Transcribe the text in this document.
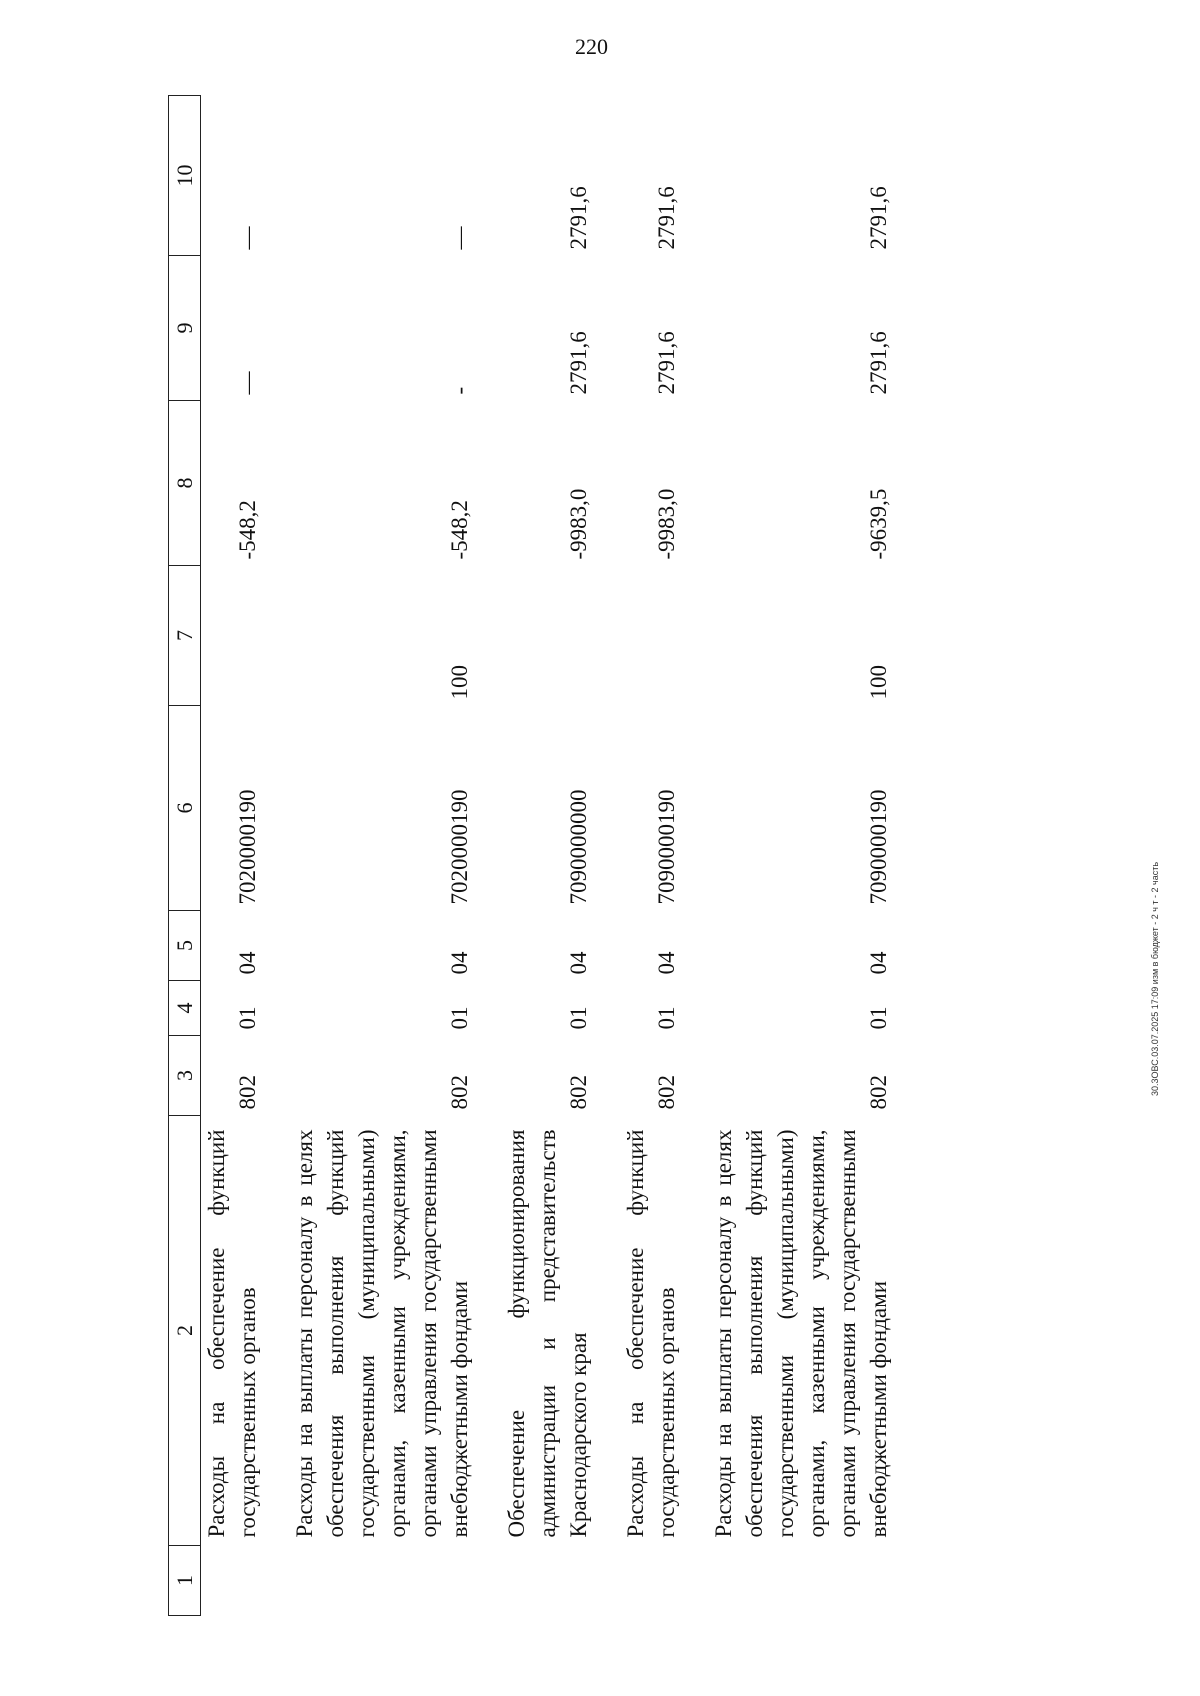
220
1	2	3	4	5	6	7	8	9	10
	Расходы на обеспечение функций государственных органов	802	01	04	7020000190		-548,2	—	—

	Расходы на выплаты персоналу в целях обеспечения выполнения функций государственными (муниципальными) органами, казенными учреждениями, органами управления государственными внебюджетными фондами	802	01	04	7020000190	100	-548,2	-	—

	Обеспечение функционирования администрации и представительств Краснодарского края	802	01	04	7090000000		-9983,0	2791,6	2791,6

	Расходы на обеспечение функций государственных органов	802	01	04	7090000190		-9983,0	2791,6	2791,6

	Расходы на выплаты персоналу в целях обеспечения выполнения функций государственными (муниципальными) органами, казенными учреждениями, органами управления государственными внебюджетными фондами	802	01	04	7090000190	100	-9639,5	2791,6	2791,6
30.3ОВС.03.07.2025 17:09 изм в бюджет - 2 ч т - 2 часть
